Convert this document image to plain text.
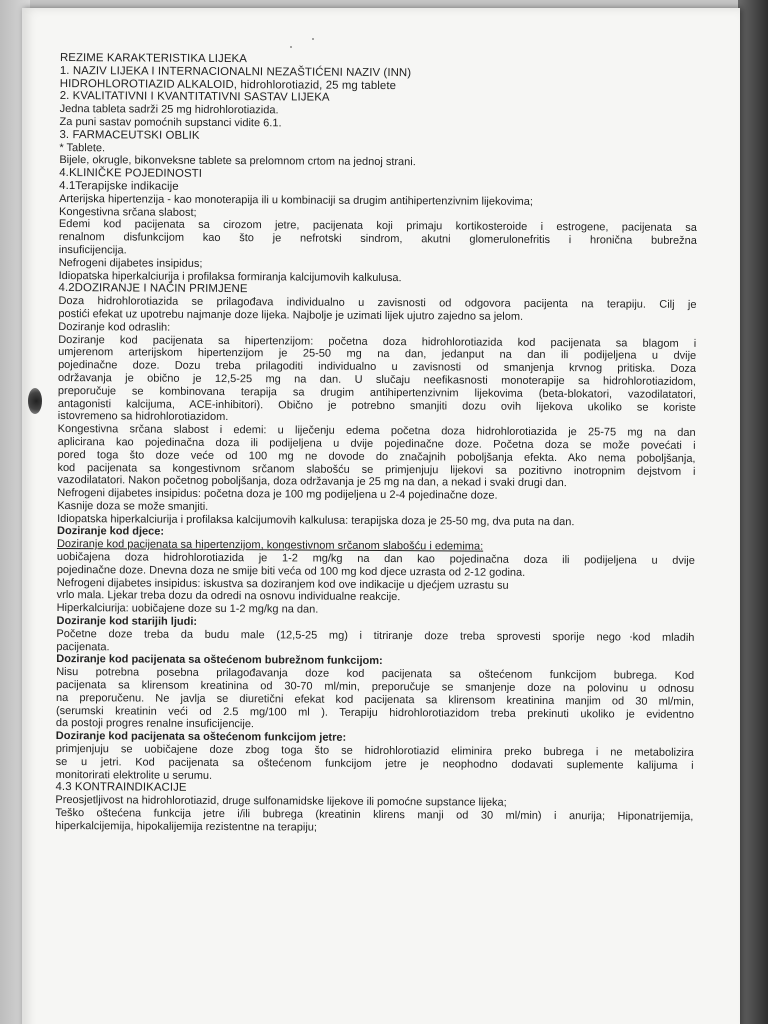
REZIME KARAKTERISTIKA LIJEKA

1. NAZIV LIJEKA I INTERNACIONALNI NEZAŠTIĆENI NAZIV (INN)

HIDROHLOROTIAZID ALKALOID, hidrohlorotiazid, 25 mg tablete

2. KVALITATIVNI I KVANTITATIVNI SASTAV LIJEKA

Jedna tableta sadrži 25 mg hidrohlorotiazida.

Za puni sastav pomoćnih supstanci vidite 6.1.

3. FARMACEUTSKI OBLIK

* Tablete.

Bijele, okrugle, bikonveksne tablete sa prelomnom crtom na jednoj strani.

4.KLINIČKE POJEDINOSTI

4.1Terapijske indikacije

Arterijska hipertenzija - kao monoterapija ili u kombinaciji sa drugim antihipertenzivnim lijekovima;

Kongestivna srčana slabost;

Edemi kod pacijenata sa cirozom jetre, pacijenata koji primaju kortikosteroide i estrogene, pacijenata sa

renalnom disfunkcijom kao što je nefrotski sindrom, akutni glomerulonefritis i hronična bubrežna

insuficijencija.

Nefrogeni dijabetes insipidus;

Idiopatska hiperkalciurija i profilaksa formiranja kalcijumovih kalkulusa.

4.2DOZIRANJE I NAČIN PRIMJENE

Doza hidrohlorotiazida se prilagođava individualno u zavisnosti od odgovora pacijenta na terapiju. Cilj je

postići efekat uz upotrebu najmanje doze lijeka. Najbolje je uzimati lijek ujutro zajedno sa jelom.

Doziranje kod odraslih:

Doziranje kod pacijenata sa hipertenzijom: početna doza hidrohlorotiazida kod pacijenata sa blagom i

umjerenom arterijskom hipertenzijom je 25-50 mg na dan, jedanput na dan ili podijeljena u dvije

pojedinačne doze. Dozu treba prilagoditi individualno u zavisnosti od smanjenja krvnog pritiska. Doza

održavanja je obično je 12,5-25 mg na dan. U slučaju neefikasnosti monoterapije sa hidrohlorotiazidom,

preporučuje se kombinovana terapija sa drugim antihipertenzivnim lijekovima (beta-blokatori, vazodilatatori,

antagonisti kalcijuma, ACE-inhibitori). Obično je potrebno smanjiti dozu ovih lijekova ukoliko se koriste

istovremeno sa hidrohlorotiazidom.

Kongestivna srčana slabost i edemi: u liječenju edema početna doza hidrohlorotiazida je 25-75 mg na dan

aplicirana kao pojedinačna doza ili podijeljena u dvije pojedinačne doze. Početna doza se može povećati i

pored toga što doze veće od 100 mg ne dovode do značajnih poboljšanja efekta. Ako nema poboljšanja,

kod pacijenata sa kongestivnom srčanom slabošću se primjenjuju lijekovi sa pozitivno inotropnim dejstvom i

vazodilatatori. Nakon početnog poboljšanja, doza održavanja je 25 mg na dan, a nekad i svaki drugi dan.

Nefrogeni dijabetes insipidus: početna doza je 100 mg podijeljena u 2-4 pojedinačne doze.

Kasnije doza se može smanjiti.

Idiopatska hiperkalciurija i profilaksa kalcijumovih kalkulusa: terapijska doza je 25-50 mg, dva puta na dan.

Doziranje kod djece:

Doziranje kod pacijenata sa hipertenzijom, kongestivnom srčanom slabošću i edemima:

uobičajena doza hidrohlorotiazida je 1-2 mg/kg na dan kao pojedinačna doza ili podijeljena u dvije

pojedinačne doze. Dnevna doza ne smije biti veća od 100 mg kod djece uzrasta od 2-12 godina.

Nefrogeni dijabetes insipidus: iskustva sa doziranjem kod ove indikacije u djećjem uzrastu su

vrlo mala. Ljekar treba dozu da odredi na osnovu individualne reakcije.

Hiperkalciurija: uobičajene doze su 1-2 mg/kg na dan.

Doziranje kod starijih ljudi:

Početne doze treba da budu male (12,5-25 mg) i titriranje doze treba sprovesti sporije nego kod mladih

pacijenata.

Doziranje kod pacijenata sa oštećenom bubrežnom funkcijom:

Nisu potrebna posebna prilagođavanja doze kod pacijenata sa oštećenom funkcijom bubrega. Kod

pacijenata sa klirensom kreatinina od 30-70 ml/min, preporučuje se smanjenje doze na polovinu u odnosu

na preporučenu. Ne javlja se diuretični efekat kod pacijenata sa klirensom kreatinina manjim od 30 ml/min,

(serumski kreatinin veći od 2.5 mg/100 ml ). Terapiju hidrohlorotiazidom treba prekinuti ukoliko je evidentno

da postoji progres renalne insuficijencije.

Doziranje kod pacijenata sa oštećenom funkcijom jetre:

primjenjuju se uobičajene doze zbog toga što se hidrohlorotiazid eliminira preko bubrega i ne metabolizira

se u jetri. Kod pacijenata sa oštećenom funkcijom jetre je neophodno dodavati suplemente kalijuma i

monitorirati elektrolite u serumu.

4.3 KONTRAINDIKACIJE

Preosjetljivost na hidrohlorotiazid, druge sulfonamidske lijekove ili pomoćne supstance lijeka;

Teško oštećena funkcija jetre i/ili bubrega (kreatinin klirens manji od 30 ml/min) i anurija; Hiponatrijemija,

hiperkalcijemija, hipokalijemija rezistentne na terapiju;
